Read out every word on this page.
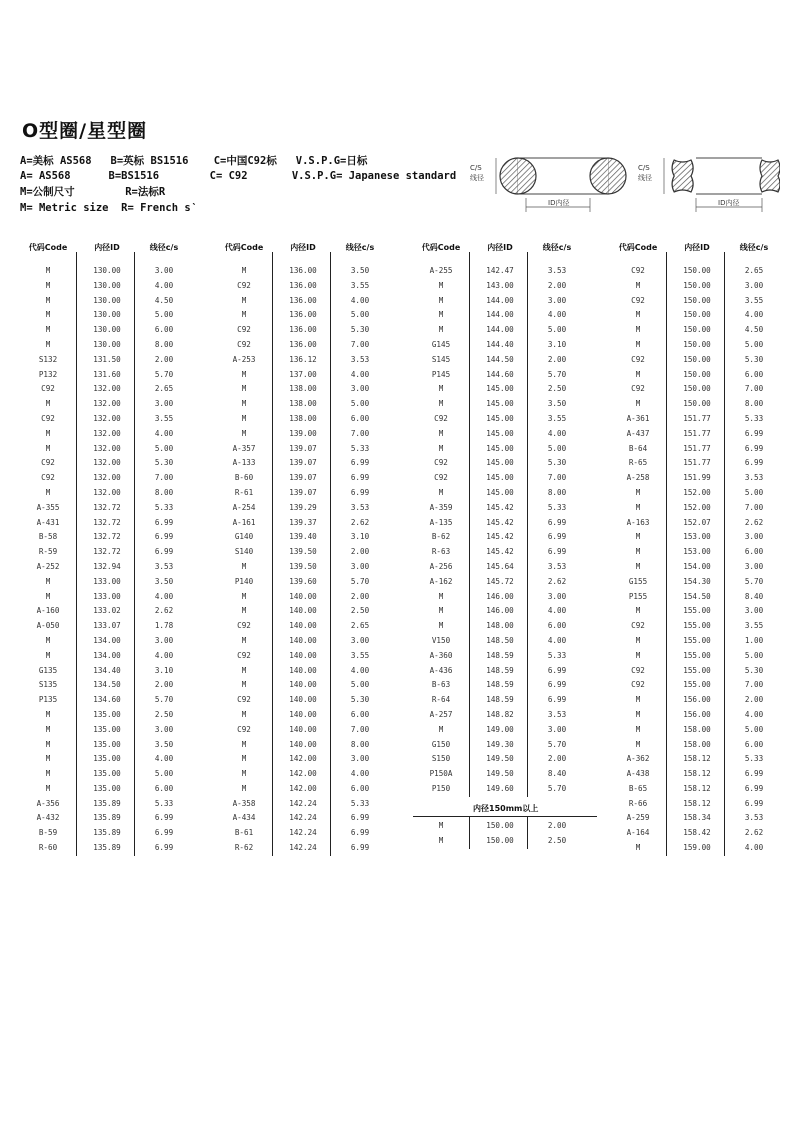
O型圈/星型圈
A=美标 AS568   B=英标 BS1516    C=中国C92标   V.S.P.G=日标
A= AS568      B=BS1516        C= C92       V.S.P.G= Japanese standard
M=公制尺寸        R=法标R
M= Metric size  R= French s‵
C/S
线径
ID内径
C/S
线径
ID内径
代码Code	内径ID	线径c/s
M	130.00	3.00
M	130.00	4.00
M	130.00	4.50
M	130.00	5.00
M	130.00	6.00
M	130.00	8.00
S132	131.50	2.00
P132	131.60	5.70
C92	132.00	2.65
M	132.00	3.00
C92	132.00	3.55
M	132.00	4.00
M	132.00	5.00
C92	132.00	5.30
C92	132.00	7.00
M	132.00	8.00
A-355	132.72	5.33
A-431	132.72	6.99
B-58	132.72	6.99
R-59	132.72	6.99
A-252	132.94	3.53
M	133.00	3.50
M	133.00	4.00
A-160	133.02	2.62
A-050	133.07	1.78
M	134.00	3.00
M	134.00	4.00
G135	134.40	3.10
S135	134.50	2.00
P135	134.60	5.70
M	135.00	2.50
M	135.00	3.00
M	135.00	3.50
M	135.00	4.00
M	135.00	5.00
M	135.00	6.00
A-356	135.89	5.33
A-432	135.89	6.99
B-59	135.89	6.99
R-60	135.89	6.99
代码Code	内径ID	线径c/s
M	136.00	3.50
C92	136.00	3.55
M	136.00	4.00
M	136.00	5.00
C92	136.00	5.30
C92	136.00	7.00
A-253	136.12	3.53
M	137.00	4.00
M	138.00	3.00
M	138.00	5.00
M	138.00	6.00
M	139.00	7.00
A-357	139.07	5.33
A-133	139.07	6.99
B-60	139.07	6.99
R-61	139.07	6.99
A-254	139.29	3.53
A-161	139.37	2.62
G140	139.40	3.10
S140	139.50	2.00
M	139.50	3.00
P140	139.60	5.70
M	140.00	2.00
M	140.00	2.50
C92	140.00	2.65
M	140.00	3.00
C92	140.00	3.55
M	140.00	4.00
M	140.00	5.00
C92	140.00	5.30
M	140.00	6.00
C92	140.00	7.00
M	140.00	8.00
M	142.00	3.00
M	142.00	4.00
M	142.00	6.00
A-358	142.24	5.33
A-434	142.24	6.99
B-61	142.24	6.99
R-62	142.24	6.99
代码Code	内径ID	线径c/s
A-255	142.47	3.53
M	143.00	2.00
M	144.00	3.00
M	144.00	4.00
M	144.00	5.00
G145	144.40	3.10
S145	144.50	2.00
P145	144.60	5.70
M	145.00	2.50
M	145.00	3.50
C92	145.00	3.55
M	145.00	4.00
M	145.00	5.00
C92	145.00	5.30
C92	145.00	7.00
M	145.00	8.00
A-359	145.42	5.33
A-135	145.42	6.99
B-62	145.42	6.99
R-63	145.42	6.99
A-256	145.64	3.53
A-162	145.72	2.62
M	146.00	3.00
M	146.00	4.00
M	148.00	6.00
V150	148.50	4.00
A-360	148.59	5.33
A-436	148.59	6.99
B-63	148.59	6.99
R-64	148.59	6.99
A-257	148.82	3.53
M	149.00	3.00
G150	149.30	5.70
S150	149.50	2.00
P150A	149.50	8.40
P150	149.60	5.70
内径150mm以上
M	150.00	2.00
M	150.00	2.50
代码Code	内径ID	线径c/s
C92	150.00	2.65
M	150.00	3.00
C92	150.00	3.55
M	150.00	4.00
M	150.00	4.50
M	150.00	5.00
C92	150.00	5.30
M	150.00	6.00
C92	150.00	7.00
M	150.00	8.00
A-361	151.77	5.33
A-437	151.77	6.99
B-64	151.77	6.99
R-65	151.77	6.99
A-258	151.99	3.53
M	152.00	5.00
M	152.00	7.00
A-163	152.07	2.62
M	153.00	3.00
M	153.00	6.00
M	154.00	3.00
G155	154.30	5.70
P155	154.50	8.40
M	155.00	3.00
C92	155.00	3.55
M	155.00	1.00
M	155.00	5.00
C92	155.00	5.30
C92	155.00	7.00
M	156.00	2.00
M	156.00	4.00
M	158.00	5.00
M	158.00	6.00
A-362	158.12	5.33
A-438	158.12	6.99
B-65	158.12	6.99
R-66	158.12	6.99
A-259	158.34	3.53
A-164	158.42	2.62
M	159.00	4.00
